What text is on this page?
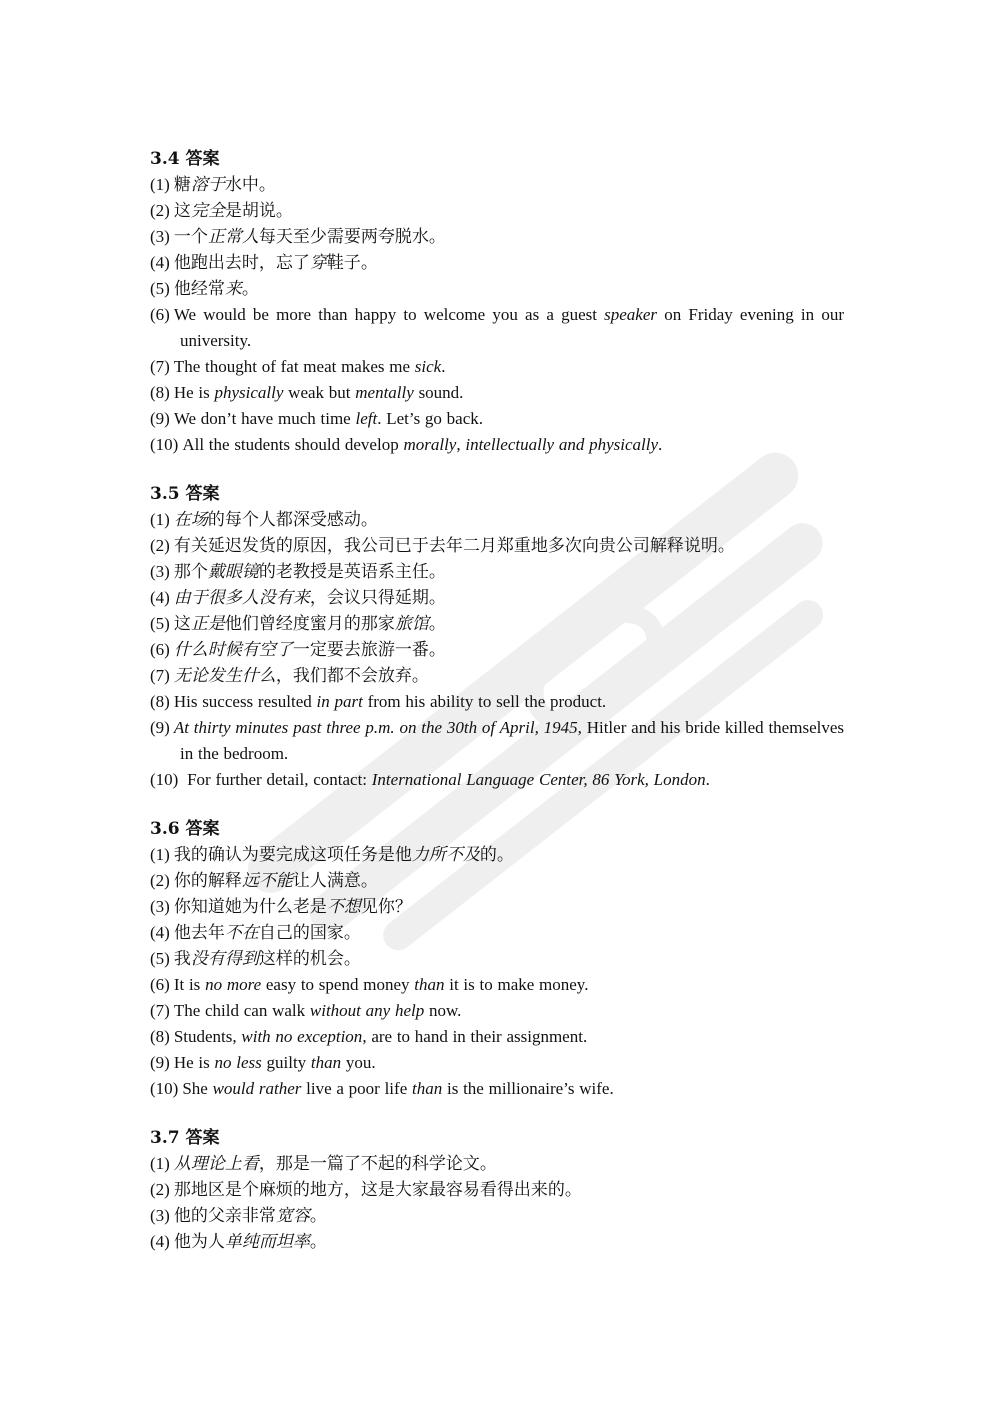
3.4 答案
(1) 糖溶于水中。
(2) 这完全是胡说。
(3) 一个正常人每天至少需要两夸脱水。
(4) 他跑出去时，忘了穿鞋子。
(5) 他经常来。
(6) We would be more than happy to welcome you as a guest speaker on Friday evening in our university.
(7) The thought of fat meat makes me sick.
(8) He is physically weak but mentally sound.
(9) We don’t have much time left. Let’s go back.
(10) All the students should develop morally, intellectually and physically.
3.5 答案
(1) 在场的每个人都深受感动。
(2) 有关延迟发货的原因，我公司已于去年二月郑重地多次向贵公司解释说明。
(3) 那个戴眼镜的老教授是英语系主任。
(4) 由于很多人没有来，会议只得延期。
(5) 这正是他们曾经度蜜月的那家旅馆。
(6) 什么时候有空了一定要去旅游一番。
(7) 无论发生什么，我们都不会放弃。
(8) His success resulted in part from his ability to sell the product.
(9) At thirty minutes past three p.m. on the 30th of April, 1945, Hitler and his bride killed themselves in the bedroom.
(10) For further detail, contact: International Language Center, 86 York, London.
3.6 答案
(1) 我的确认为要完成这项任务是他力所不及的。
(2) 你的解释远不能让人满意。
(3) 你知道她为什么老是不想见你？
(4) 他去年不在自己的国家。
(5) 我没有得到这样的机会。
(6) It is no more easy to spend money than it is to make money.
(7) The child can walk without any help now.
(8) Students, with no exception, are to hand in their assignment.
(9) He is no less guilty than you.
(10) She would rather live a poor life than is the millionaire’s wife.
3.7 答案
(1) 从理论上看，那是一篇了不起的科学论文。
(2) 那地区是个麻烦的地方，这是大家最容易看得出来的。
(3) 他的父亲非常宽容。
(4) 他为人单纯而坦率。
